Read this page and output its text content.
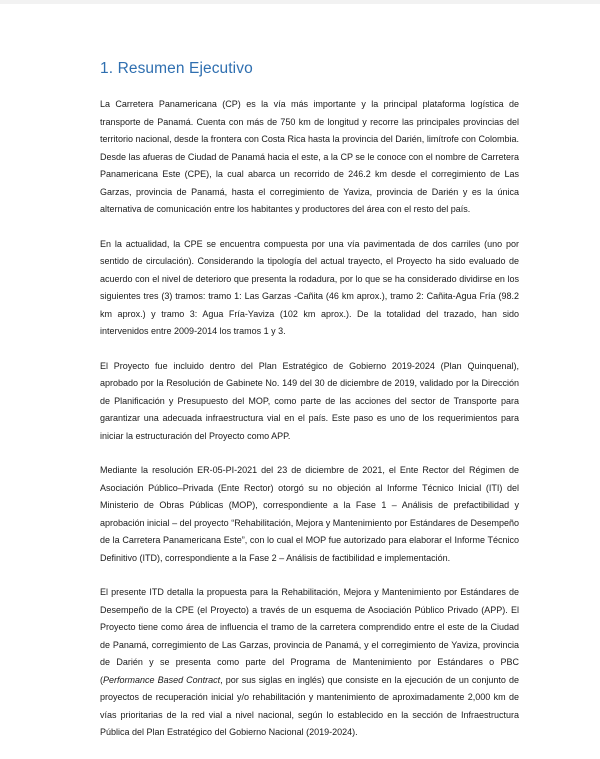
1. Resumen Ejecutivo

La Carretera Panamericana (CP) es la vía más importante y la principal plataforma logística de transporte de Panamá. Cuenta con más de 750 km de longitud y recorre las principales provincias del territorio nacional, desde la frontera con Costa Rica hasta la provincia del Darién, limítrofe con Colombia. Desde las afueras de Ciudad de Panamá hacia el este, a la CP se le conoce con el nombre de Carretera Panamericana Este (CPE), la cual abarca un recorrido de 246.2 km desde el corregimiento de Las Garzas, provincia de Panamá, hasta el corregimiento de Yaviza, provincia de Darién y es la única alternativa de comunicación entre los habitantes y productores del área con el resto del país.

En la actualidad, la CPE se encuentra compuesta por una vía pavimentada de dos carriles (uno por sentido de circulación). Considerando la tipología del actual trayecto, el Proyecto ha sido evaluado de acuerdo con el nivel de deterioro que presenta la rodadura, por lo que se ha considerado dividirse en los siguientes tres (3) tramos: tramo 1: Las Garzas -Cañita (46 km aprox.), tramo 2: Cañita-Agua Fría (98.2 km aprox.) y tramo 3: Agua Fría-Yaviza (102 km aprox.). De la totalidad del trazado, han sido intervenidos entre 2009-2014 los tramos 1 y 3.

El Proyecto fue incluido dentro del Plan Estratégico de Gobierno 2019-2024 (Plan Quinquenal), aprobado por la Resolución de Gabinete No. 149 del 30 de diciembre de 2019, validado por la Dirección de Planificación y Presupuesto del MOP, como parte de las acciones del sector de Transporte para garantizar una adecuada infraestructura vial en el país. Este paso es uno de los requerimientos para iniciar la estructuración del Proyecto como APP.

Mediante la resolución ER-05-PI-2021 del 23 de diciembre de 2021, el Ente Rector del Régimen de Asociación Público–Privada (Ente Rector) otorgó su no objeción al Informe Técnico Inicial (ITI) del Ministerio de Obras Públicas (MOP), correspondiente a la Fase 1 – Análisis de prefactibilidad y aprobación inicial – del proyecto “Rehabilitación, Mejora y Mantenimiento por Estándares de Desempeño de la Carretera Panamericana Este”, con lo cual el MOP fue autorizado para elaborar el Informe Técnico Definitivo (ITD), correspondiente a la Fase 2 – Análisis de factibilidad e implementación.

El presente ITD detalla la propuesta para la Rehabilitación, Mejora y Mantenimiento por Estándares de Desempeño de la CPE (el Proyecto) a través de un esquema de Asociación Público Privado (APP). El Proyecto tiene como área de influencia el tramo de la carretera comprendido entre el este de la Ciudad de Panamá, corregimiento de Las Garzas, provincia de Panamá, y el corregimiento de Yaviza, provincia de Darién y se presenta como parte del Programa de Mantenimiento por Estándares o PBC (Performance Based Contract, por sus siglas en inglés) que consiste en la ejecución de un conjunto de proyectos de recuperación inicial y/o rehabilitación y mantenimiento de aproximadamente 2,000 km de vías prioritarias de la red vial a nivel nacional, según lo establecido en la sección de Infraestructura Pública del Plan Estratégico del Gobierno Nacional (2019-2024).
